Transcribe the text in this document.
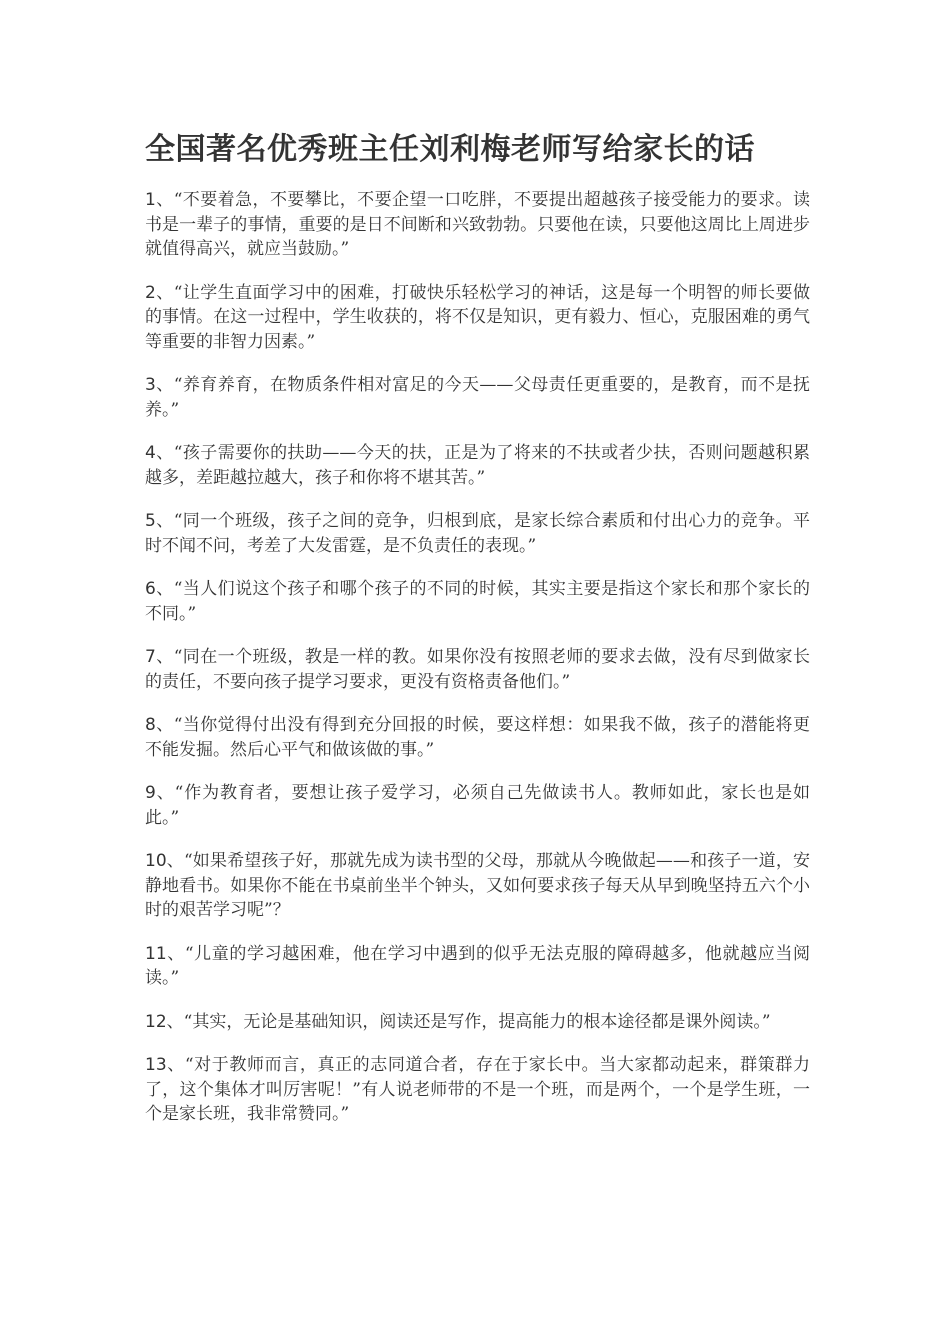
全国著名优秀班主任刘利梅老师写给家长的话

1、“不要着急，不要攀比，不要企望一口吃胖，不要提出超越孩子接受能力的要求。读书是一辈子的事情，重要的是日不间断和兴致勃勃。只要他在读，只要他这周比上周进步就值得高兴，就应当鼓励。”

2、“让学生直面学习中的困难，打破快乐轻松学习的神话，这是每一个明智的师长要做的事情。在这一过程中，学生收获的，将不仅是知识，更有毅力、恒心，克服困难的勇气等重要的非智力因素。”

3、“养育养育，在物质条件相对富足的今天——父母责任更重要的，是教育，而不是抚养。”

4、“孩子需要你的扶助——今天的扶，正是为了将来的不扶或者少扶，否则问题越积累越多，差距越拉越大，孩子和你将不堪其苦。”

5、“同一个班级，孩子之间的竞争，归根到底，是家长综合素质和付出心力的竞争。平时不闻不问，考差了大发雷霆，是不负责任的表现。”

6、“当人们说这个孩子和哪个孩子的不同的时候，其实主要是指这个家长和那个家长的不同。”

7、“同在一个班级，教是一样的教。如果你没有按照老师的要求去做，没有尽到做家长的责任，不要向孩子提学习要求，更没有资格责备他们。”

8、“当你觉得付出没有得到充分回报的时候，要这样想：如果我不做，孩子的潜能将更不能发掘。然后心平气和做该做的事。”

9、“作为教育者，要想让孩子爱学习，必须自己先做读书人。教师如此，家长也是如此。”

10、“如果希望孩子好，那就先成为读书型的父母，那就从今晚做起——和孩子一道，安静地看书。如果你不能在书桌前坐半个钟头，又如何要求孩子每天从早到晚坚持五六个小时的艰苦学习呢”？

11、“儿童的学习越困难，他在学习中遇到的似乎无法克服的障碍越多，他就越应当阅读。”

12、“其实，无论是基础知识，阅读还是写作，提高能力的根本途径都是课外阅读。”

13、“对于教师而言，真正的志同道合者，存在于家长中。当大家都动起来，群策群力了，这个集体才叫厉害呢！”有人说老师带的不是一个班，而是两个，一个是学生班，一个是家长班，我非常赞同。”
